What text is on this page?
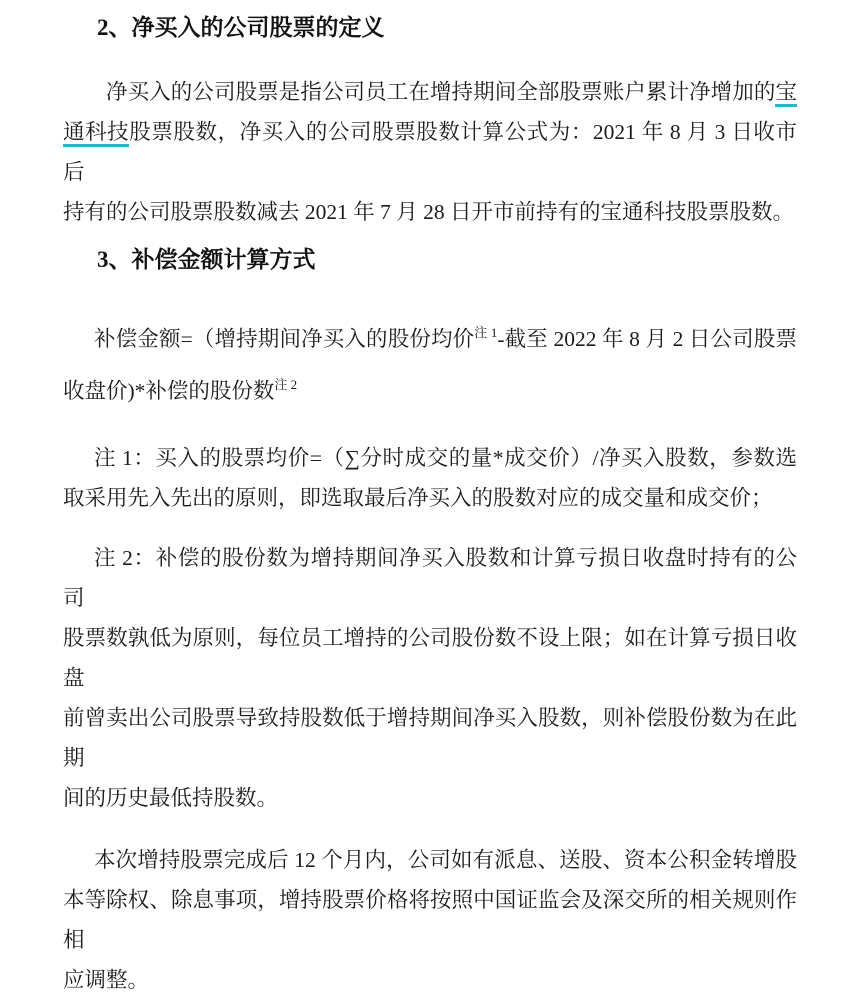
2、净买入的公司股票的定义
净买入的公司股票是指公司员工在增持期间全部股票账户累计净增加的宝
通科技股票股数，净买入的公司股票股数计算公式为：2021 年 8 月 3 日收市后
持有的公司股票股数减去 2021 年 7 月 28 日开市前持有的宝通科技股票股数。
3、补偿金额计算方式
补偿金额=（增持期间净买入的股份均价$^{注 1}$-截至 2022 年 8 月 2 日公司股票
收盘价)*补偿的股份数$^{注 2}$
注 1：买入的股票均价=（∑分时成交的量*成交价）/净买入股数，参数选
取采用先入先出的原则，即选取最后净买入的股数对应的成交量和成交价；
注 2：补偿的股份数为增持期间净买入股数和计算亏损日收盘时持有的公司
股票数孰低为原则，每位员工增持的公司股份数不设上限；如在计算亏损日收盘
前曾卖出公司股票导致持股数低于增持期间净买入股数，则补偿股份数为在此期
间的历史最低持股数。
本次增持股票完成后 12 个月内，公司如有派息、送股、资本公积金转增股
本等除权、除息事项，增持股票价格将按照中国证监会及深交所的相关规则作相
应调整。
